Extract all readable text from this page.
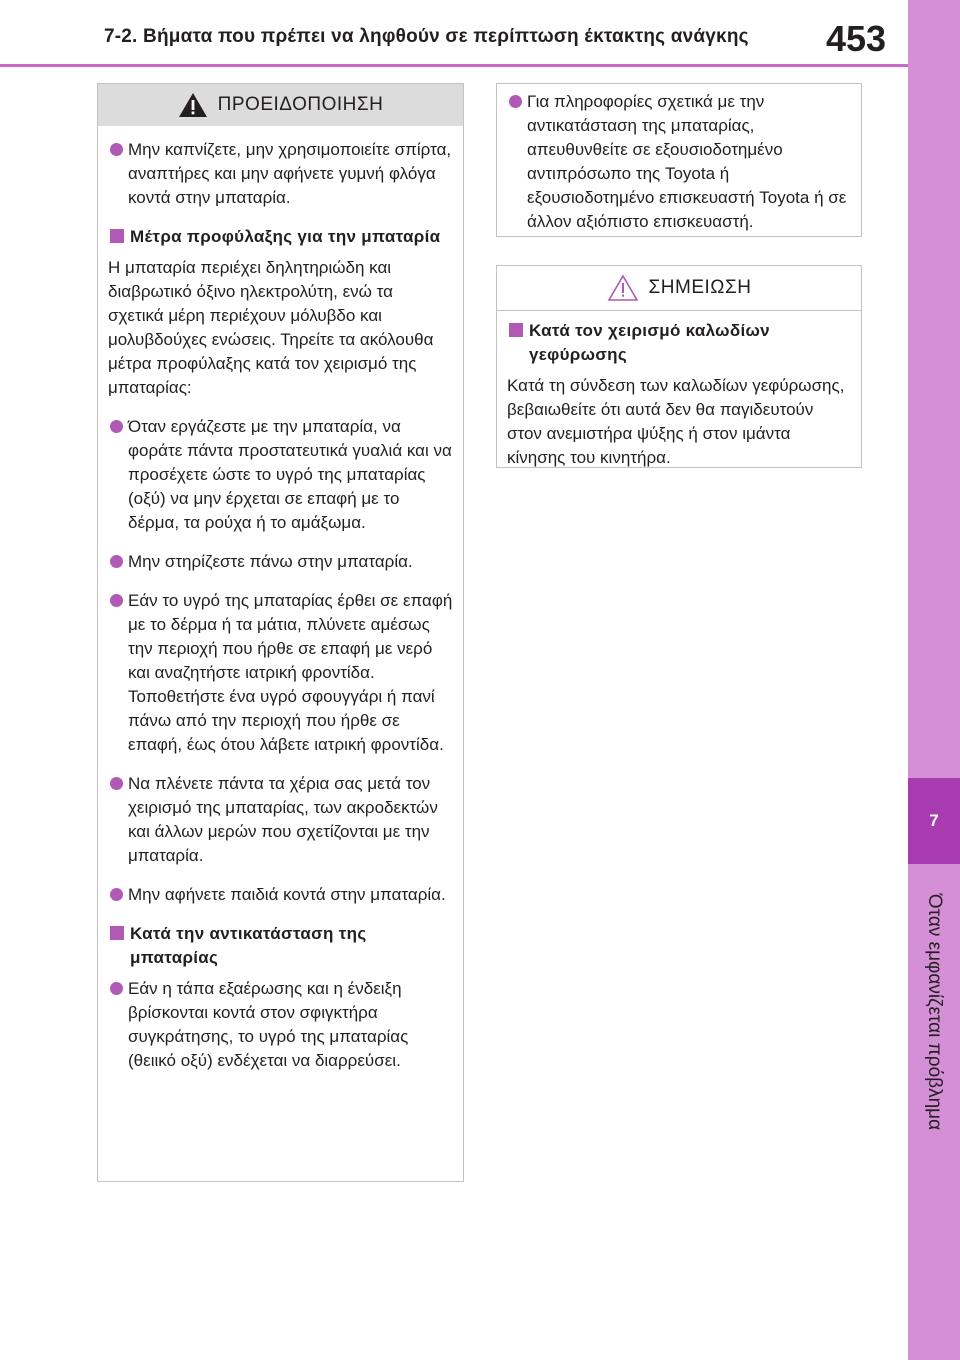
7-2. Βήματα που πρέπει να ληφθούν σε περίπτωση έκτακτης ανάγκης 453
7
Όταν εμφανίζεται πρόβλημα
ΠΡΟΕΙΔΟΠΟΙΗΣΗ
Μην καπνίζετε, μην χρησιμοποιείτε σπίρτα, αναπτήρες και μην αφήνετε γυμνή φλόγα κοντά στην μπαταρία.
Μέτρα προφύλαξης για την μπαταρία
Η μπαταρία περιέχει δηλητηριώδη και διαβρωτικό όξινο ηλεκτρολύτη, ενώ τα σχετικά μέρη περιέχουν μόλυβδο και μολυβδούχες ενώσεις. Τηρείτε τα ακόλουθα μέτρα προφύλαξης κατά τον χειρισμό της μπαταρίας:
Όταν εργάζεστε με την μπαταρία, να φοράτε πάντα προστατευτικά γυαλιά και να προσέχετε ώστε το υγρό της μπαταρίας (οξύ) να μην έρχεται σε επαφή με το δέρμα, τα ρούχα ή το αμάξωμα.
Μην στηρίζεστε πάνω στην μπαταρία.
Εάν το υγρό της μπαταρίας έρθει σε επαφή με το δέρμα ή τα μάτια, πλύνετε αμέσως την περιοχή που ήρθε σε επαφή με νερό και αναζητήστε ιατρική φροντίδα. Τοποθετήστε ένα υγρό σφουγγάρι ή πανί πάνω από την περιοχή που ήρθε σε επαφή, έως ότου λάβετε ιατρική φροντίδα.
Να πλένετε πάντα τα χέρια σας μετά τον χειρισμό της μπαταρίας, των ακροδεκτών και άλλων μερών που σχετίζονται με την μπαταρία.
Μην αφήνετε παιδιά κοντά στην μπαταρία.
Κατά την αντικατάσταση της μπαταρίας
Εάν η τάπα εξαέρωσης και η ένδειξη βρίσκονται κοντά στον σφιγκτήρα συγκράτησης, το υγρό της μπαταρίας (θειικό οξύ) ενδέχεται να διαρρεύσει.
Για πληροφορίες σχετικά με την αντικατάσταση της μπαταρίας, απευθυνθείτε σε εξουσιοδοτημένο αντιπρόσωπο της Toyota ή εξουσιοδοτημένο επισκευαστή Toyota ή σε άλλον αξιόπιστο επισκευαστή.
ΣΗΜΕΙΩΣΗ
Κατά τον χειρισμό καλωδίων γεφύρωσης
Κατά τη σύνδεση των καλωδίων γεφύρωσης, βεβαιωθείτε ότι αυτά δεν θα παγιδευτούν στον ανεμιστήρα ψύξης ή στον ιμάντα κίνησης του κινητήρα.
